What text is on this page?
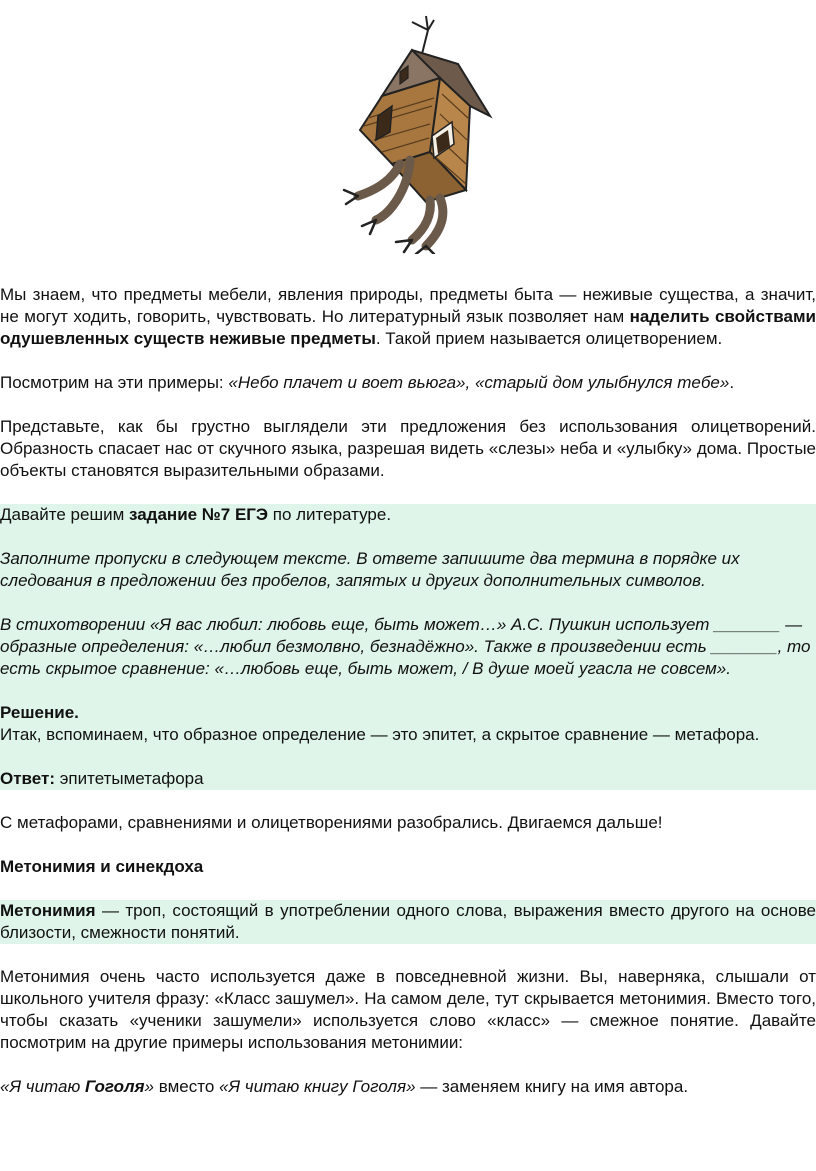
Мы знаем, что предметы мебели, явления природы, предметы быта — неживые существа, а значит, не могут ходить, говорить, чувствовать. Но литературный язык позволяет нам наделить свойствами одушевленных существ неживые предметы. Такой прием называется олицетворением.

Посмотрим на эти примеры: «Небо плачет и воет вьюга», «старый дом улыбнулся тебе».

Представьте, как бы грустно выглядели эти предложения без использования олицетворений. Образность спасает нас от скучного языка, разрешая видеть «слезы» неба и «улыбку» дома. Простые объекты становятся выразительными образами.

Давайте решим задание №7 ЕГЭ по литературе.

Заполните пропуски в следующем тексте. В ответе запишите два термина в порядке их следования в предложении без пробелов, запятых и других дополнительных символов.

В стихотворении «Я вас любил: любовь еще, быть может…» А.С. Пушкин использует _______ — образные определения: «…любил безмолвно, безнадёжно». Также в произведении есть _______, то есть скрытое сравнение: «…любовь еще, быть может, / В душе моей угасла не совсем».

Решение.

Итак, вспоминаем, что образное определение — это эпитет, а скрытое сравнение — метафора.

Ответ: эпитетыметафора

С метафорами, сравнениями и олицетворениями разобрались. Двигаемся дальше!

Метонимия и синекдоха

Метонимия — троп, состоящий в употреблении одного слова, выражения вместо другого на основе близости, смежности понятий.

Метонимия очень часто используется даже в повседневной жизни. Вы, наверняка, слышали от школьного учителя фразу: «Класс зашумел». На самом деле, тут скрывается метонимия. Вместо того, чтобы сказать «ученики зашумели» используется слово «класс» — смежное понятие. Давайте посмотрим на другие примеры использования метонимии:

«Я читаю Гоголя» вместо «Я читаю книгу Гоголя» — заменяем книгу на имя автора.
